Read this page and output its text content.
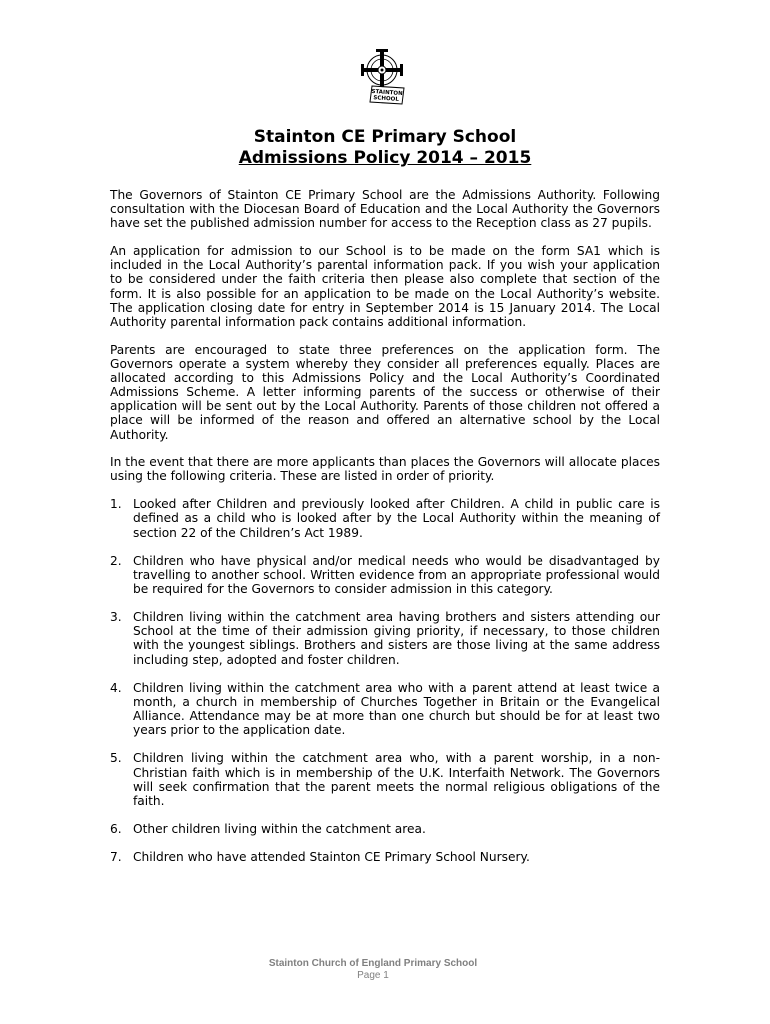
STAINTON
SCHOOL
Stainton CE Primary School
Admissions Policy 2014 – 2015

The Governors of Stainton CE Primary School are the Admissions Authority. Following consultation with the Diocesan Board of Education and the Local Authority the Governors have set the published admission number for access to the Reception class as 27 pupils.

An application for admission to our School is to be made on the form SA1 which is included in the Local Authority’s parental information pack. If you wish your application to be considered under the faith criteria then please also complete that section of the form. It is also possible for an application to be made on the Local Authority’s website. The application closing date for entry in September 2014 is 15 January 2014. The Local Authority parental information pack contains additional information.

Parents are encouraged to state three preferences on the application form. The Governors operate a system whereby they consider all preferences equally. Places are allocated according to this Admissions Policy and the Local Authority’s Coordinated Admissions Scheme. A letter informing parents of the success or otherwise of their application will be sent out by the Local Authority. Parents of those children not offered a place will be informed of the reason and offered an alternative school by the Local Authority.

In the event that there are more applicants than places the Governors will allocate places using the following criteria. These are listed in order of priority.

1. Looked after Children and previously looked after Children. A child in public care is defined as a child who is looked after by the Local Authority within the meaning of section 22 of the Children’s Act 1989.
2. Children who have physical and/or medical needs who would be disadvantaged by travelling to another school. Written evidence from an appropriate professional would be required for the Governors to consider admission in this category.
3. Children living within the catchment area having brothers and sisters attending our School at the time of their admission giving priority, if necessary, to those children with the youngest siblings. Brothers and sisters are those living at the same address including step, adopted and foster children.
4. Children living within the catchment area who with a parent attend at least twice a month, a church in membership of Churches Together in Britain or the Evangelical Alliance. Attendance may be at more than one church but should be for at least two years prior to the application date.
5. Children living within the catchment area who, with a parent worship, in a non-Christian faith which is in membership of the U.K. Interfaith Network. The Governors will seek confirmation that the parent meets the normal religious obligations of the faith.
6. Other children living within the catchment area.
7. Children who have attended Stainton CE Primary School Nursery.
Stainton Church of England Primary School
Page 1
